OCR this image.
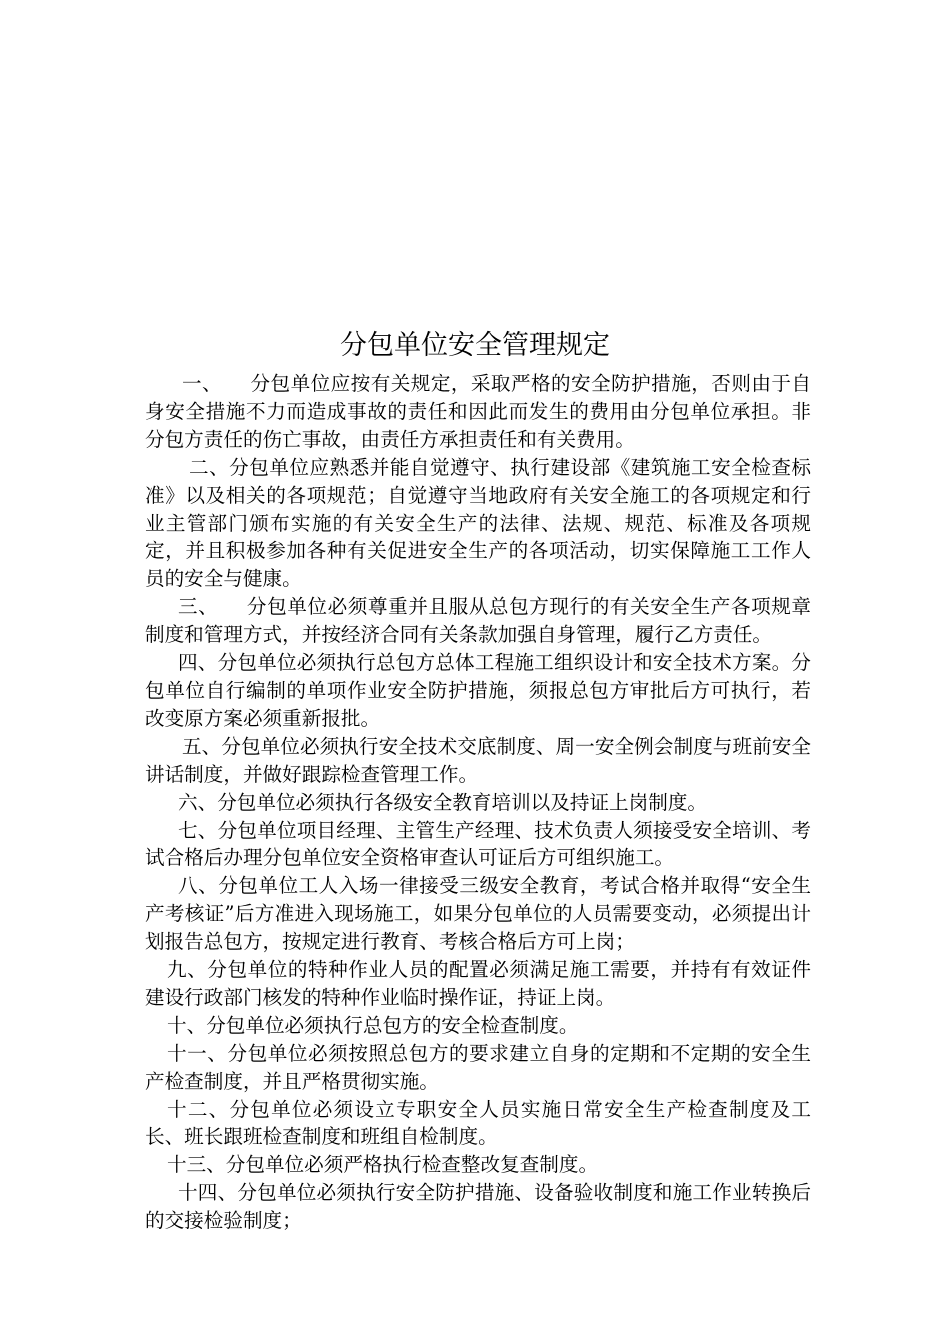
分包单位安全管理规定

一、 分包单位应按有关规定，采取严格的安全防护措施，否则由于自身安全措施不力而造成事故的责任和因此而发生的费用由分包单位承担。非分包方责任的伤亡事故，由责任方承担责任和有关费用。

二、分包单位应熟悉并能自觉遵守、执行建设部《建筑施工安全检查标准》以及相关的各项规范；自觉遵守当地政府有关安全施工的各项规定和行业主管部门颁布实施的有关安全生产的法律、法规、规范、标准及各项规定，并且积极参加各种有关促进安全生产的各项活动，切实保障施工工作人员的安全与健康。

三、 分包单位必须尊重并且服从总包方现行的有关安全生产各项规章制度和管理方式，并按经济合同有关条款加强自身管理，履行乙方责任。

四、分包单位必须执行总包方总体工程施工组织设计和安全技术方案。分包单位自行编制的单项作业安全防护措施，须报总包方审批后方可执行，若改变原方案必须重新报批。

五、分包单位必须执行安全技术交底制度、周一安全例会制度与班前安全讲话制度，并做好跟踪检查管理工作。

六、分包单位必须执行各级安全教育培训以及持证上岗制度。

七、分包单位项目经理、主管生产经理、技术负责人须接受安全培训、考试合格后办理分包单位安全资格审查认可证后方可组织施工。

八、分包单位工人入场一律接受三级安全教育，考试合格并取得“安全生产考核证”后方准进入现场施工，如果分包单位的人员需要变动，必须提出计划报告总包方，按规定进行教育、考核合格后方可上岗；

九、分包单位的特种作业人员的配置必须满足施工需要，并持有有效证件建设行政部门核发的特种作业临时操作证，持证上岗。

十、分包单位必须执行总包方的安全检查制度。

十一、分包单位必须按照总包方的要求建立自身的定期和不定期的安全生产检查制度，并且严格贯彻实施。

十二、分包单位必须设立专职安全人员实施日常安全生产检查制度及工长、班长跟班检查制度和班组自检制度。

十三、分包单位必须严格执行检查整改复查制度。

十四、分包单位必须执行安全防护措施、设备验收制度和施工作业转换后的交接检验制度；
